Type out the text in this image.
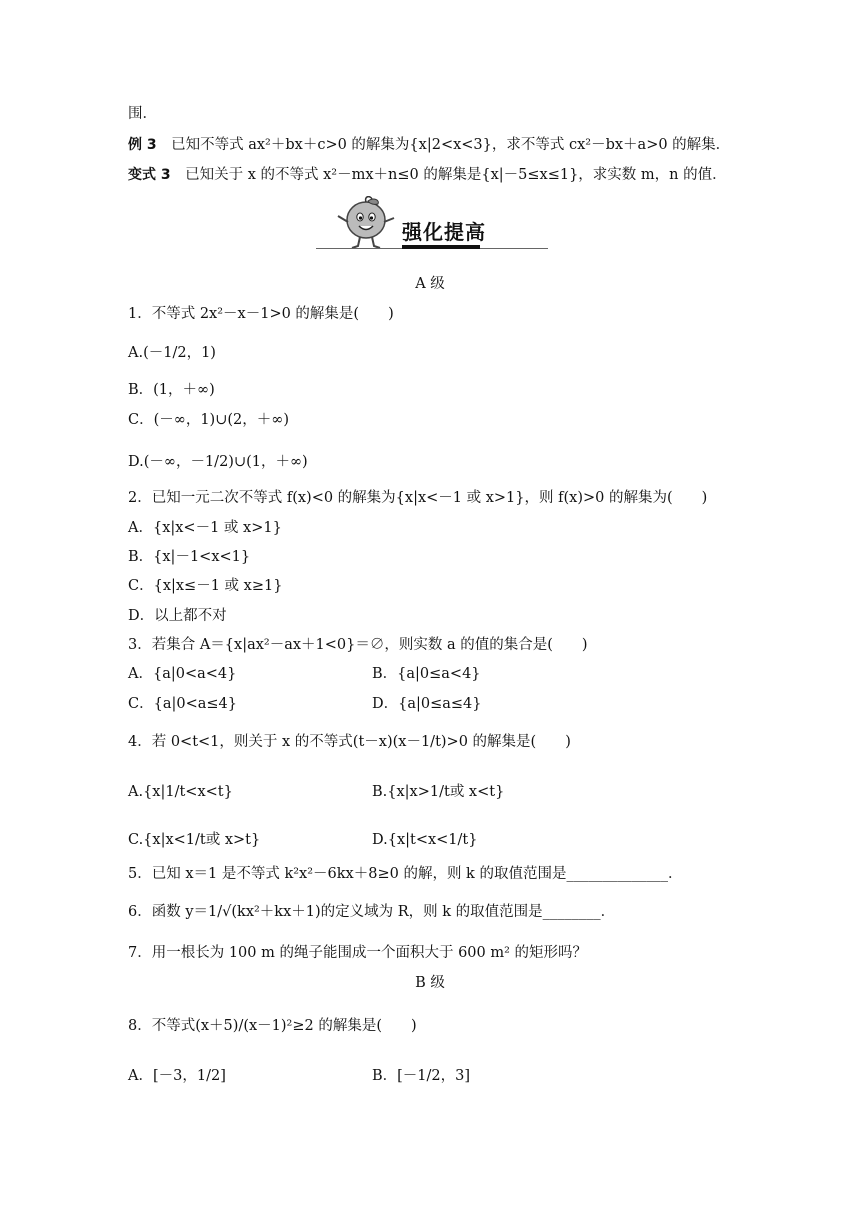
围．
例 3　已知不等式 ax²＋bx＋c>0 的解集为{x|2<x<3}，求不等式 cx²－bx＋a>0 的解集．
变式 3　已知关于 x 的不等式 x²－mx＋n≤0 的解集是{x|－5≤x≤1}，求实数 m，n 的值．
强化提高
A 级
1．不等式 2x²－x－1>0 的解集是(　　)
A.(－1/2，1)
B．(1，＋∞)
C．(－∞，1)∪(2，＋∞)
D.(－∞，－1/2)∪(1，＋∞)
2．已知一元二次不等式 f(x)<0 的解集为{x|x<－1 或 x>1}，则 f(x)>0 的解集为(　　)
A．{x|x<－1 或 x>1}
B．{x|－1<x<1}
C．{x|x≤－1 或 x≥1}
D．以上都不对
3．若集合 A＝{x|ax²－ax＋1<0}＝∅，则实数 a 的值的集合是(　　)
A．{a|0<a<4}	B．{a|0≤a<4}
C．{a|0<a≤4}	D．{a|0≤a≤4}
4．若 0<t<1，则关于 x 的不等式(t－x)(x－1/t)>0 的解集是(　　)
A.{x|1/t<x<t}	B.{x|x>1/t或 x<t}
C.{x|x<1/t或 x>t}	D.{x|t<x<1/t}
5．已知 x＝1 是不等式 k²x²－6kx＋8≥0 的解，则 k 的取值范围是______________．
6．函数 y＝1/√(kx²＋kx＋1)的定义域为 R，则 k 的取值范围是________．
7．用一根长为 100 m 的绳子能围成一个面积大于 600 m² 的矩形吗？
B 级
8．不等式(x＋5)/(x－1)²≥2 的解集是(　　)
A．[－3，1/2]	B．[－1/2，3]
